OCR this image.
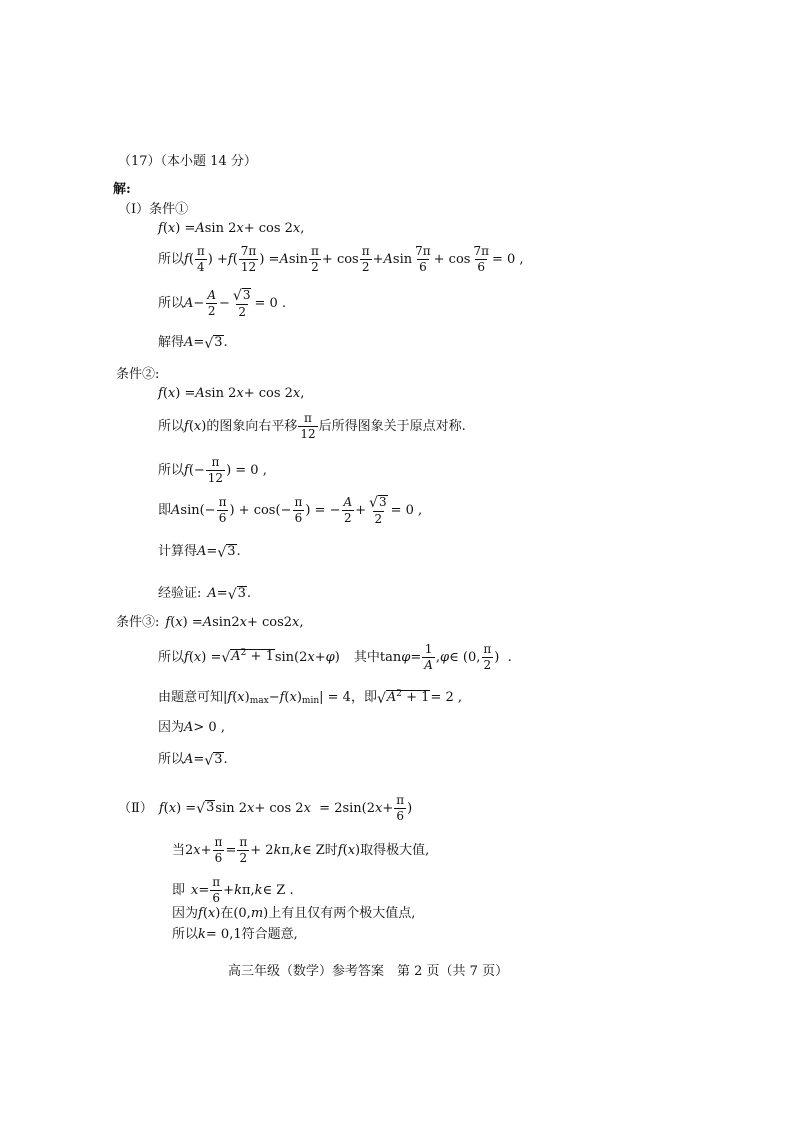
（17）（本小题 14 分）
解:
（Ⅰ）条件①
f ( x ) = A sin 2 x + cos 2 x ,
所以 f ( $\frac{\pi}{4}$ ) + f ( $\frac{7\pi}{12}$ ) = A $\sin \frac{\pi}{2} + \cos \frac{\pi}{2} + A$ $\sin \frac{7\pi}{6} + \cos \frac{7\pi}{6} = 0$ ,
所以 $A - \frac{A}{2} - \frac{√ 3}{2} = 0$ .
解得 A = √ 3 .
条件②:
f ( x ) = A sin 2 x + cos 2 x ,
所以 f ( x ) 的图象向右平移 $\frac{\pi}{12}$ 后所得图象关于原点对称.
所以 f (− $\frac{\pi}{12}$ ) = 0 ,
即 A $\sin(- \frac{\pi}{6}$ ) + $\cos(- \frac{\pi}{6}$ ) = − $\frac{A}{2} + \frac{√ 3}{2} = 0$ ,
计算得 A = √ 3 .
经验证: A = √ 3 .
条件③: f ( x ) = A sin2 x + cos2 x ,
所以 f ( x ) = √ $A^2 + 1$ sin(2 x + φ ) 其中 $\tan \varphi = \frac{1}{A}$ , φ ∈ (0, $\frac{\pi}{2}$ )  .
由题意可知 | f ( x ) max − f ( x ) min | = 4 ，即 √ $A^2 + 1 = 2$ ,
因为 A > 0 ,
所以 A = √ 3 .
（Ⅱ） f ( x ) = √ 3 sin 2 x + cos 2 x = 2sin(2 $x + \frac{\pi}{6}$ )
当 2 $x + \frac{\pi}{6} = \frac{\pi}{2} + 2$ k π, k ∈ Z 时 f ( x ) 取得极大值,
即 $x = \frac{\pi}{6} + k$ π, k ∈ Z .
因为 f ( x ) 在 (0, m ) 上有且仅有两个极大值点,
所以 k = 0,1 符合题意,
高三年级（数学）参考答案　第 2 页（共 7 页）
